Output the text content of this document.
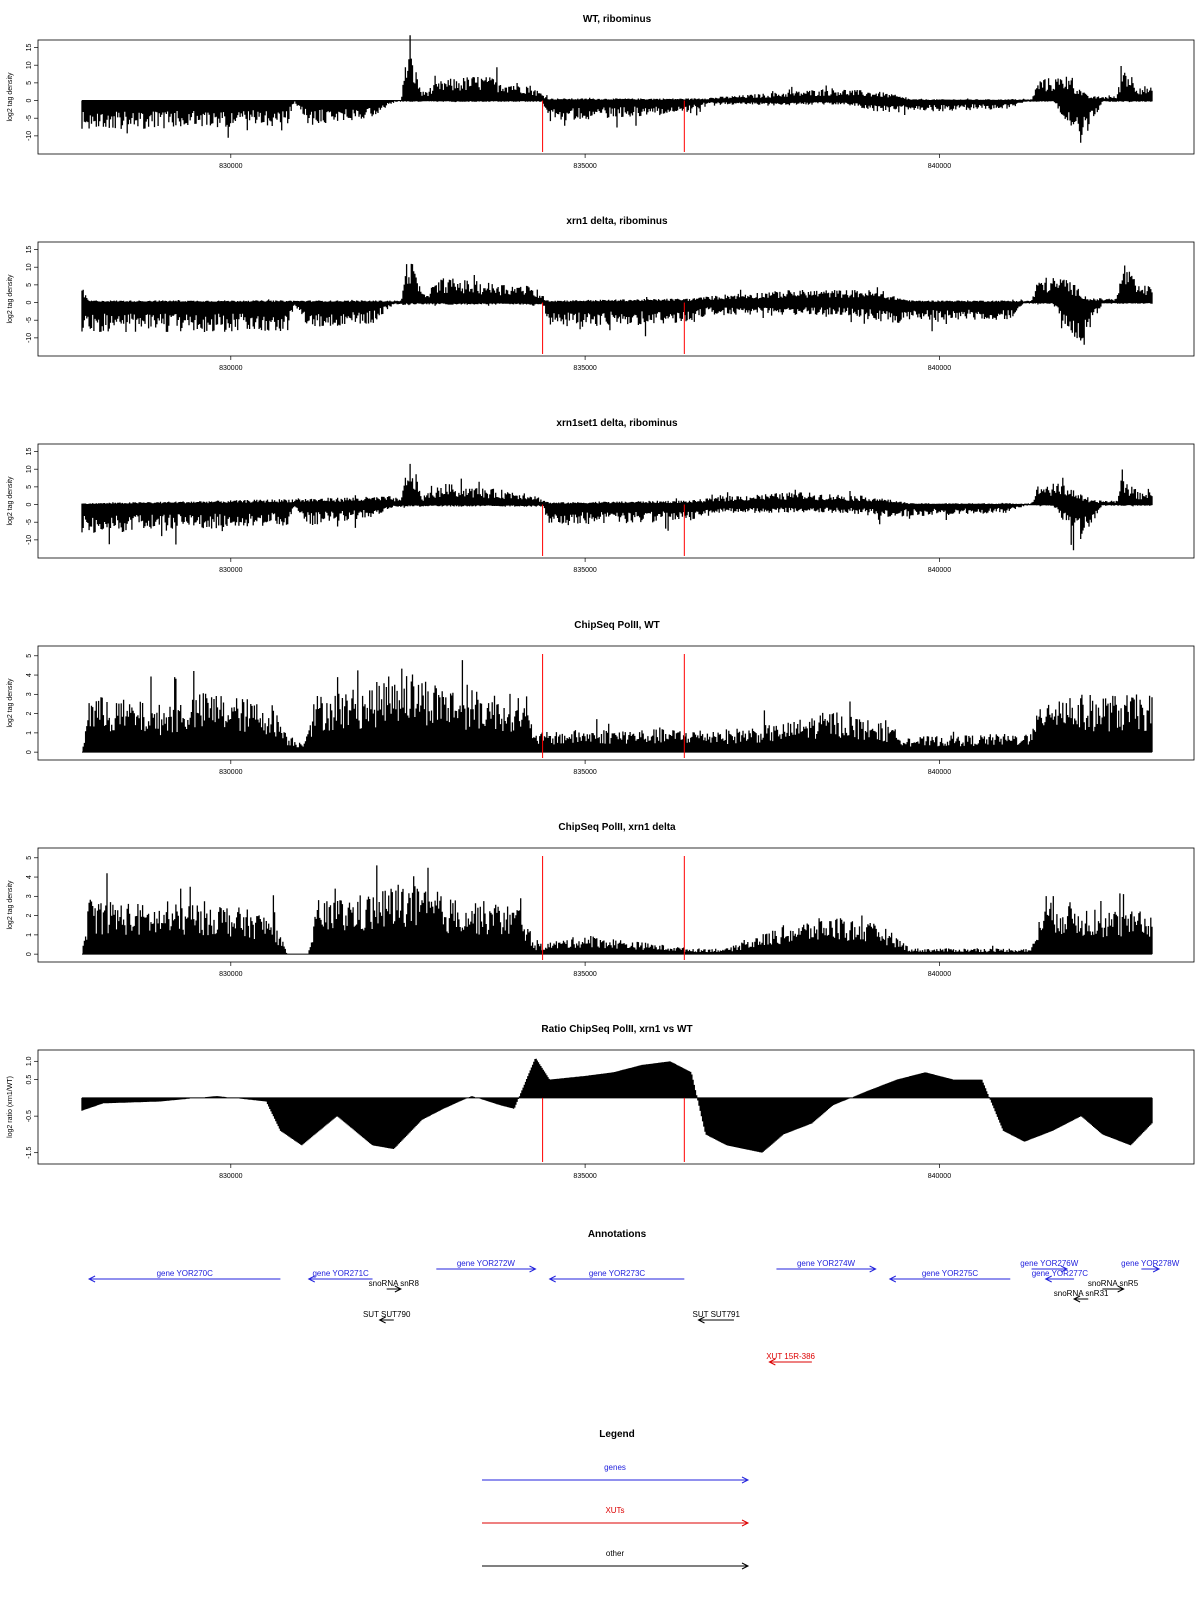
WT, ribominus
log2 tag density
-10
-5
0
5
10
15
830000	835000	840000
xrn1 delta, ribominus
log2 tag density
-10
-5
0
5
10
15
830000	835000	840000
xrn1set1 delta, ribominus
log2 tag density
-10
-5
0
5
10
15
830000	835000	840000
ChipSeq PolII, WT
log2 tag density
0
1
2
3
4
5
830000	835000	840000
ChipSeq PolII, xrn1 delta
log2 tag density
0
1
2
3
4
5
830000	835000	840000
Ratio ChipSeq PolII, xrn1 vs WT
log2 ratio (xrn1/WT)
-1.5
-0.5
0.5
1.0
830000	835000	840000
Annotations
gene YOR270C	gene YOR271C
gene YOR272W
gene YOR273C
gene YOR274W
gene YOR275C
gene YOR276W
gene YOR277C
gene YOR278W
snoRNA snR8	snoRNA snR5
snoRNA snR31
SUT SUT790	SUT SUT791
XUT 15R-386
Legend
genes
XUTs
other
